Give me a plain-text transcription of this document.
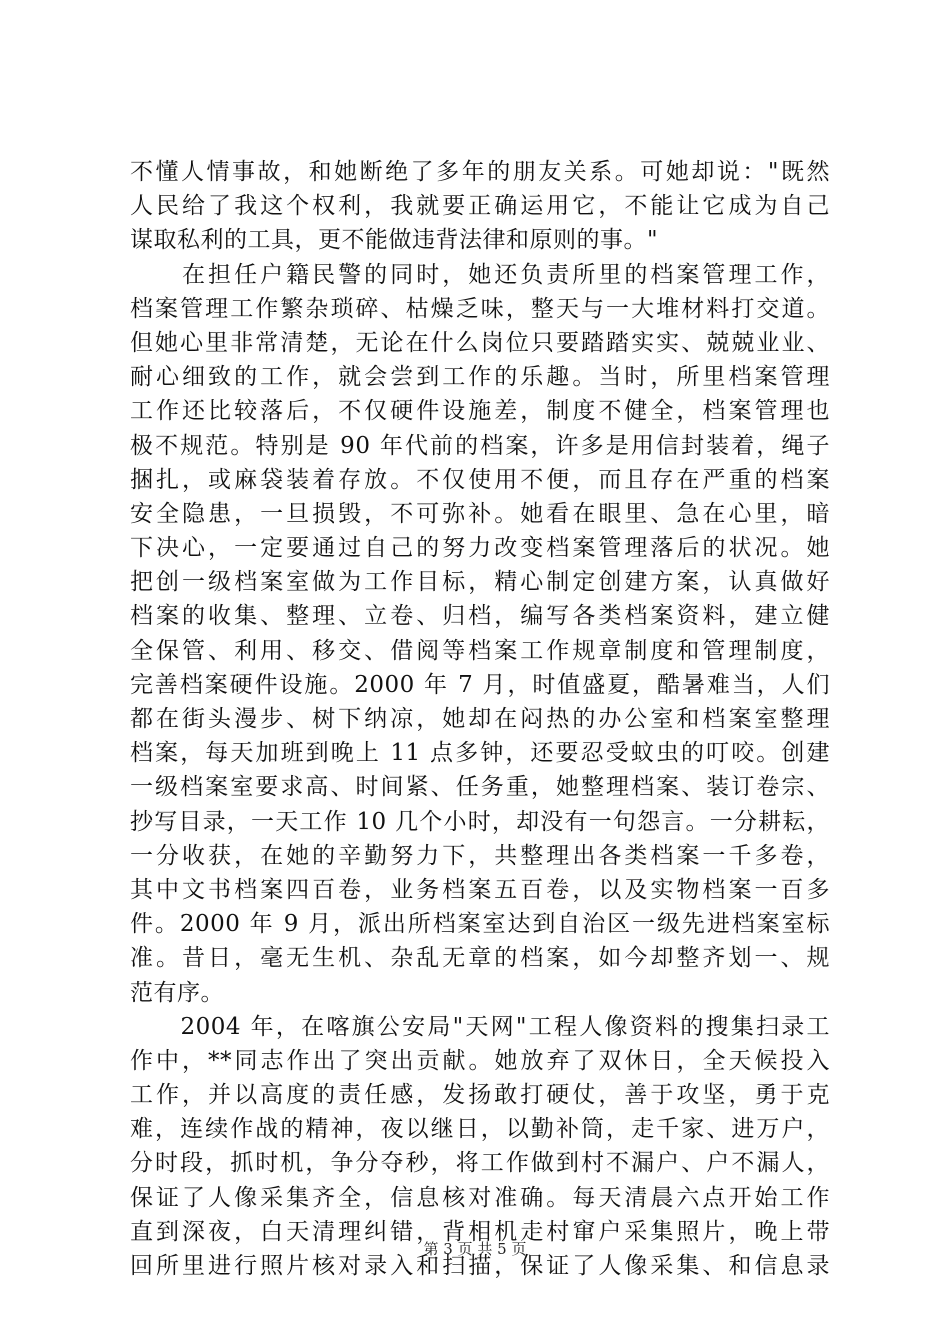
不懂人情事故，和她断绝了多年的朋友关系。可她却说："既然
人民给了我这个权利，我就要正确运用它，不能让它成为自己
谋取私利的工具，更不能做违背法律和原则的事。"
　　在担任户籍民警的同时，她还负责所里的档案管理工作，
档案管理工作繁杂琐碎、枯燥乏味，整天与一大堆材料打交道。
但她心里非常清楚，无论在什么岗位只要踏踏实实、兢兢业业、
耐心细致的工作，就会尝到工作的乐趣。当时，所里档案管理
工作还比较落后，不仅硬件设施差，制度不健全，档案管理也
极不规范。特别是 90 年代前的档案，许多是用信封装着，绳子
捆扎，或麻袋装着存放。不仅使用不便，而且存在严重的档案
安全隐患，一旦损毁，不可弥补。她看在眼里、急在心里，暗
下决心，一定要通过自己的努力改变档案管理落后的状况。她
把创一级档案室做为工作目标，精心制定创建方案，认真做好
档案的收集、整理、立卷、归档，编写各类档案资料，建立健
全保管、利用、移交、借阅等档案工作规章制度和管理制度，
完善档案硬件设施。2000 年 7 月，时值盛夏，酷暑难当，人们
都在街头漫步、树下纳凉，她却在闷热的办公室和档案室整理
档案，每天加班到晚上 11 点多钟，还要忍受蚊虫的叮咬。创建
一级档案室要求高、时间紧、任务重，她整理档案、装订卷宗、
抄写目录，一天工作 10 几个小时，却没有一句怨言。一分耕耘，
一分收获，在她的辛勤努力下，共整理出各类档案一千多卷，
其中文书档案四百卷，业务档案五百卷，以及实物档案一百多
件。2000 年 9 月，派出所档案室达到自治区一级先进档案室标
准。昔日，毫无生机、杂乱无章的档案，如今却整齐划一、规
范有序。
　　2004 年，在喀旗公安局"天网"工程人像资料的搜集扫录工
作中，**同志作出了突出贡献。她放弃了双休日，全天候投入
工作，并以高度的责任感，发扬敢打硬仗，善于攻坚，勇于克
难，连续作战的精神，夜以继日，以勤补筒，走千家、进万户，
分时段，抓时机，争分夺秒，将工作做到村不漏户、户不漏人，
保证了人像采集齐全，信息核对准确。每天清晨六点开始工作
直到深夜，白天清理纠错，背相机走村窜户采集照片，晚上带
回所里进行照片核对录入和扫描，保证了人像采集、和信息录
第 3 页 共 5 页
